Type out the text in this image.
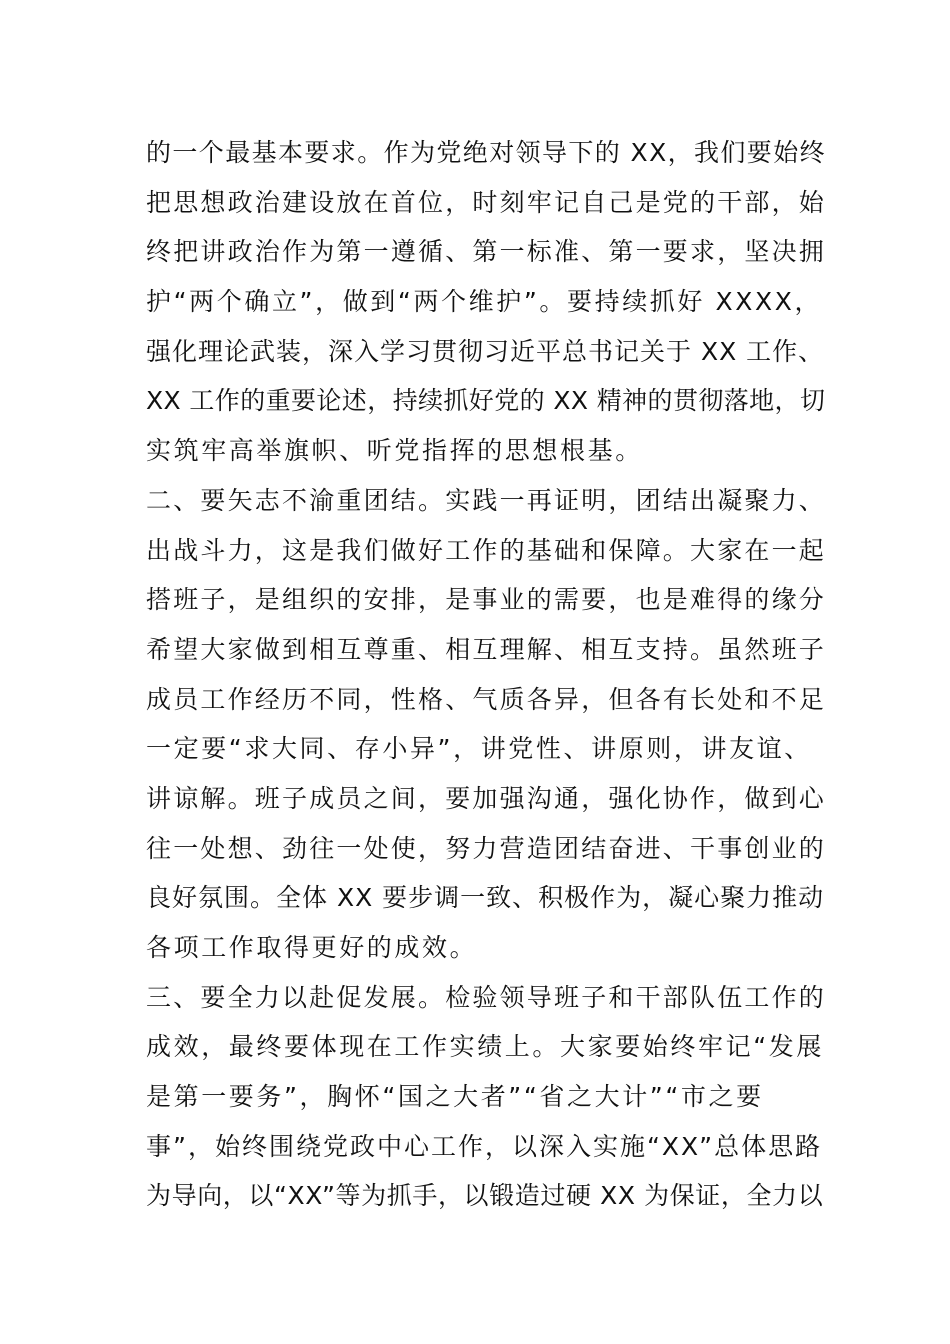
的一个最基本要求。作为党绝对领导下的 XX，我们要始终
把思想政治建设放在首位，时刻牢记自己是党的干部，始
终把讲政治作为第一遵循、第一标准、第一要求，坚决拥
护“两个确立”，做到“两个维护”。要持续抓好 XXXX，
强化理论武装，深入学习贯彻习近平总书记关于 XX 工作、
XX 工作的重要论述，持续抓好党的 XX 精神的贯彻落地，切
实筑牢高举旗帜、听党指挥的思想根基。
二、要矢志不渝重团结。实践一再证明，团结出凝聚力、
出战斗力，这是我们做好工作的基础和保障。大家在一起
搭班子，是组织的安排，是事业的需要，也是难得的缘分
希望大家做到相互尊重、相互理解、相互支持。虽然班子
成员工作经历不同，性格、气质各异，但各有长处和不足
一定要“求大同、存小异”，讲党性、讲原则，讲友谊、
讲谅解。班子成员之间，要加强沟通，强化协作，做到心
往一处想、劲往一处使，努力营造团结奋进、干事创业的
良好氛围。全体 XX 要步调一致、积极作为，凝心聚力推动
各项工作取得更好的成效。
三、要全力以赴促发展。检验领导班子和干部队伍工作的
成效，最终要体现在工作实绩上。大家要始终牢记“发展
是第一要务”，胸怀“国之大者”“省之大计”“市之要
事”，始终围绕党政中心工作，以深入实施“XX”总体思路
为导向，以“XX”等为抓手，以锻造过硬 XX 为保证，全力以
